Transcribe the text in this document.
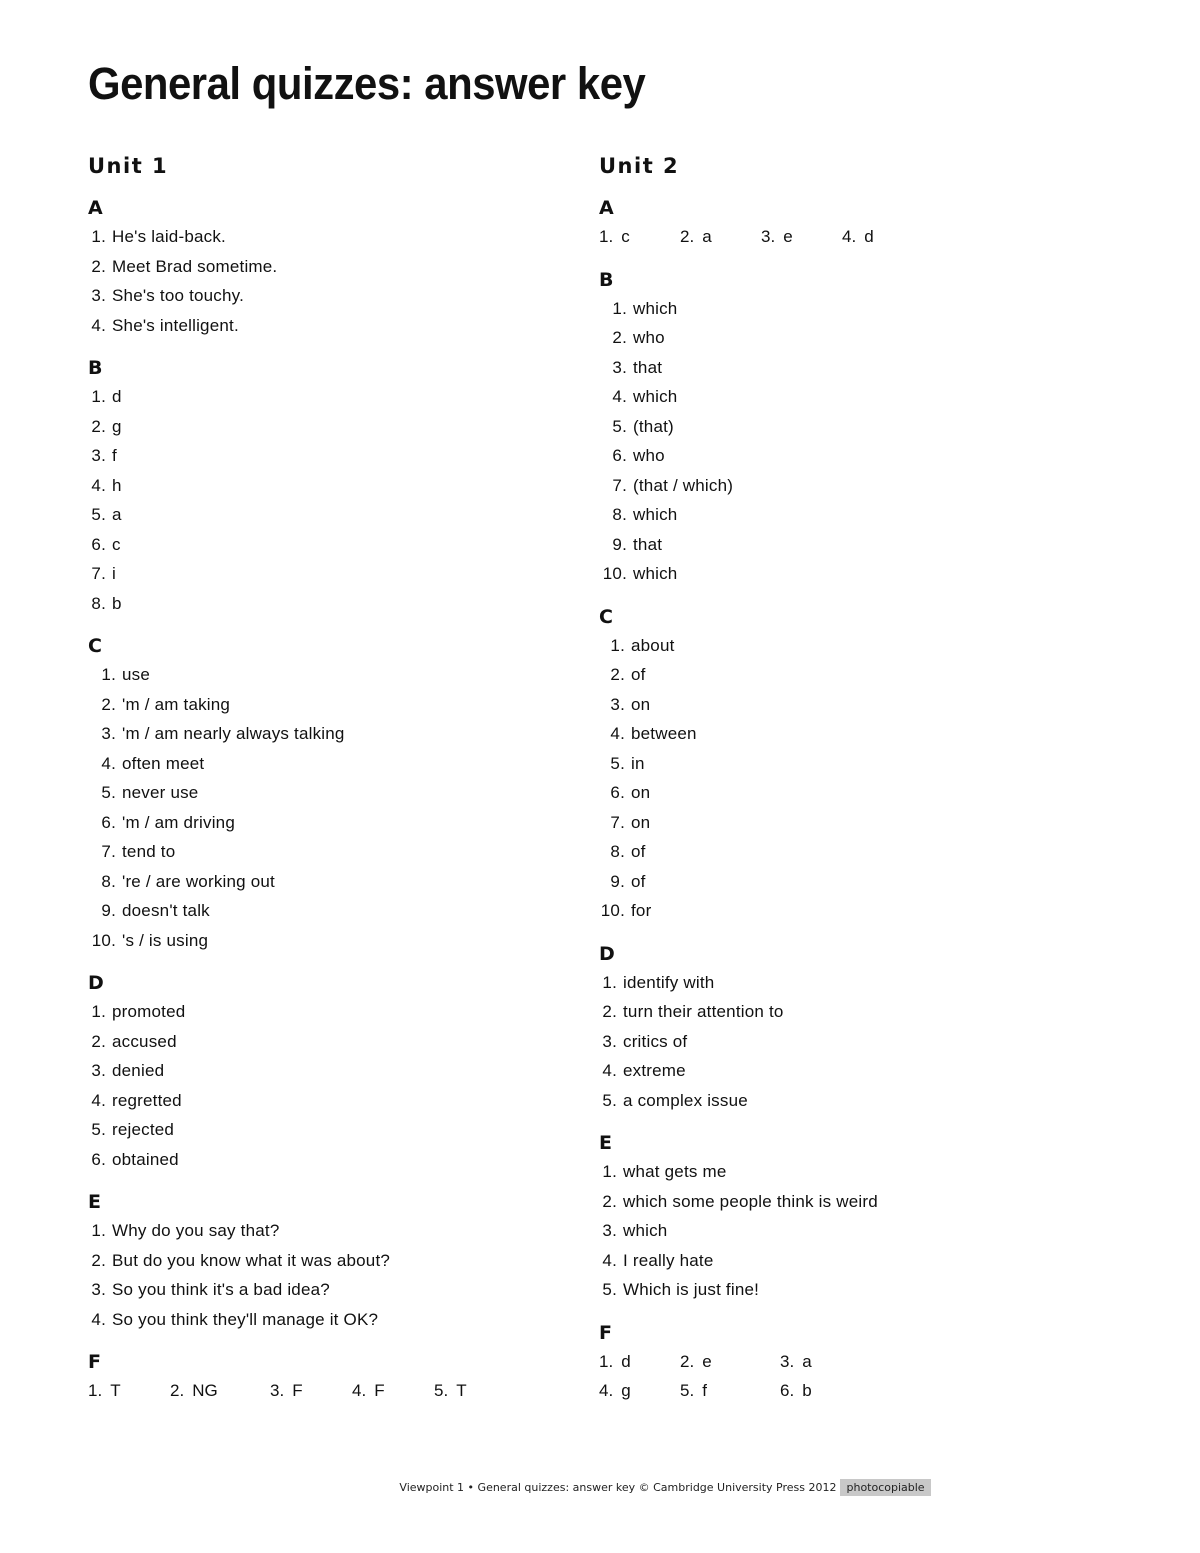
General quizzes: answer key
Unit 1
A
1. He's laid-back.
2. Meet Brad sometime.
3. She's too touchy.
4. She's intelligent.
B
1. d
2. g
3. f
4. h
5. a
6. c
7. i
8. b
C
1. use
2. 'm / am taking
3. 'm / am nearly always talking
4. often meet
5. never use
6. 'm / am driving
7. tend to
8. 're / are working out
9. doesn't talk
10. 's / is using
D
1. promoted
2. accused
3. denied
4. regretted
5. rejected
6. obtained
E
1. Why do you say that?
2. But do you know what it was about?
3. So you think it's a bad idea?
4. So you think they'll manage it OK?
F
1. T	2. NG	3. F	4. F	5. T
Unit 2
A
1. c	2. a	3. e	4. d
B
1. which
2. who
3. that
4. which
5. (that)
6. who
7. (that / which)
8. which
9. that
10. which
C
1. about
2. of
3. on
4. between
5. in
6. on
7. on
8. of
9. of
10. for
D
1. identify with
2. turn their attention to
3. critics of
4. extreme
5. a complex issue
E
1. what gets me
2. which some people think is weird
3. which
4. I really hate
5. Which is just fine!
F
1. d	2. e	3. a
4. g	5. f	6. b
Viewpoint 1 • General quizzes: answer key © Cambridge University Press 2012 photocopiable
